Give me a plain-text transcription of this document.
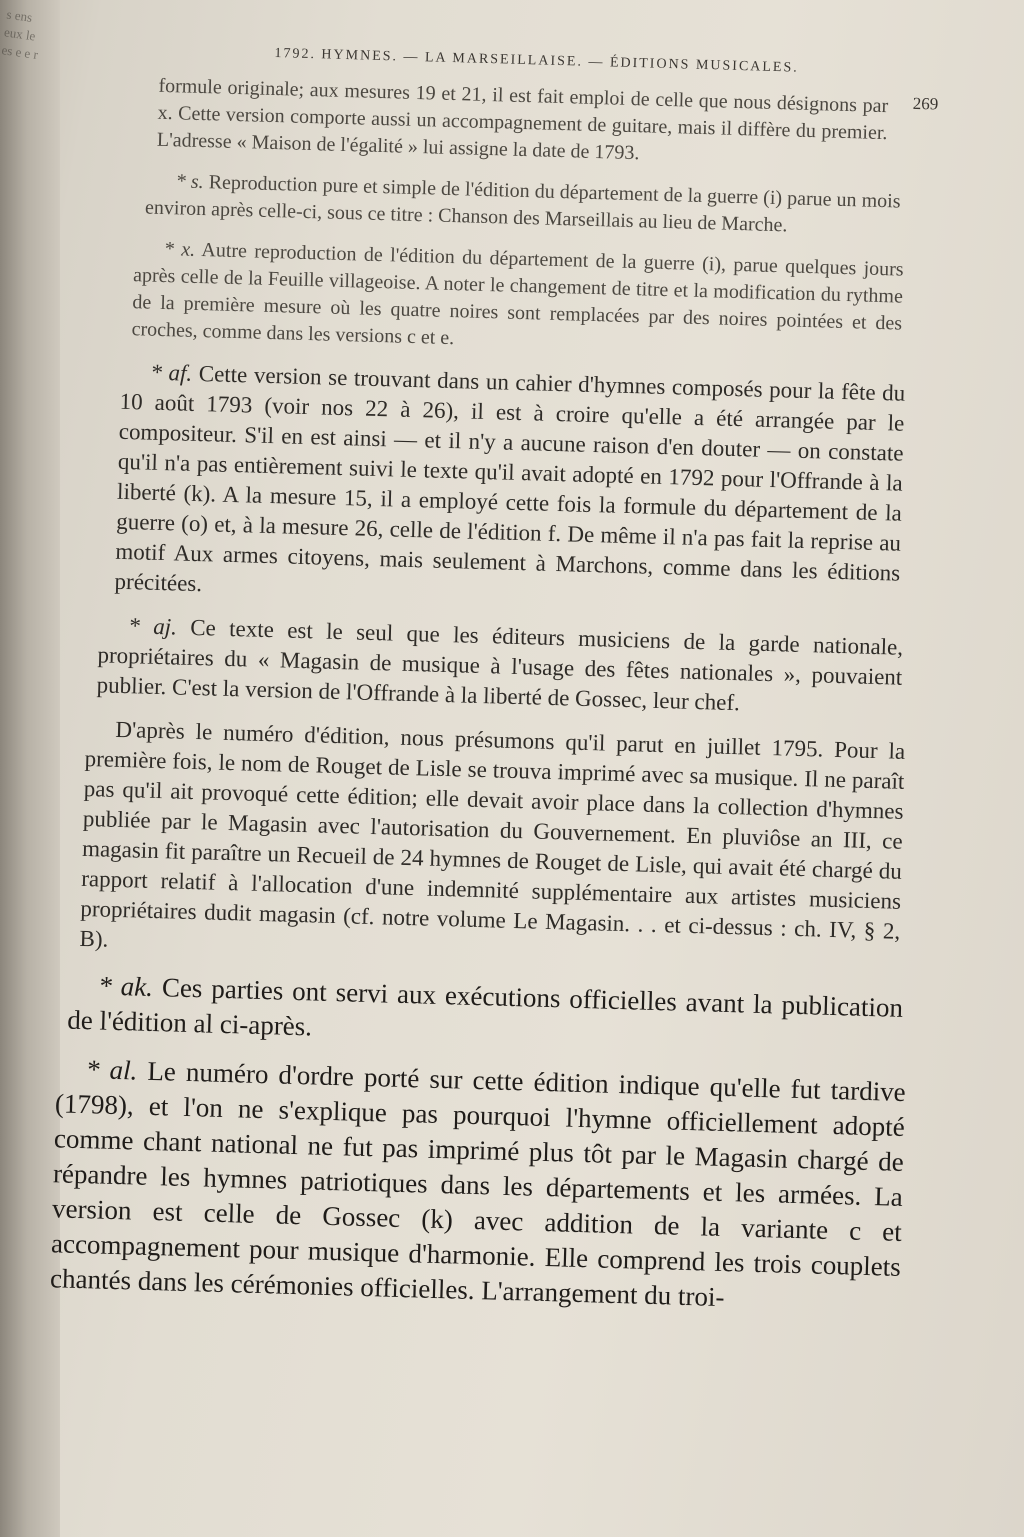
s ens eux le es e e r	1792. HYMNES. — LA MARSEILLAISE. — ÉDITIONS MUSICALES.
269

formule originale; aux mesures 19 et 21, il est fait emploi de celle que nous désignons par x. Cette version comporte aussi un accompagnement de guitare, mais il diffère du premier. L'adresse « Maison de l'égalité » lui assigne la date de 1793.

* s. Reproduction pure et simple de l'édition du département de la guerre (i) parue un mois environ après celle-ci, sous ce titre : Chanson des Marseillais au lieu de Marche.

* x. Autre reproduction de l'édition du département de la guerre (i), parue quelques jours après celle de la Feuille villageoise. A noter le changement de titre et la modification du rythme de la première mesure où les quatre noires sont remplacées par des noires pointées et des croches, comme dans les versions c et e.

* af. Cette version se trouvant dans un cahier d'hymnes composés pour la fête du 10 août 1793 (voir nos 22 à 26), il est à croire qu'elle a été arrangée par le compositeur. S'il en est ainsi — et il n'y a aucune raison d'en douter — on constate qu'il n'a pas entièrement suivi le texte qu'il avait adopté en 1792 pour l'Offrande à la liberté (k). A la mesure 15, il a employé cette fois la formule du département de la guerre (o) et, à la mesure 26, celle de l'édition f. De même il n'a pas fait la reprise au motif Aux armes citoyens, mais seulement à Marchons, comme dans les éditions précitées.

* aj. Ce texte est le seul que les éditeurs musiciens de la garde nationale, propriétaires du « Magasin de musique à l'usage des fêtes nationales », pouvaient publier. C'est la version de l'Offrande à la liberté de Gossec, leur chef.

D'après le numéro d'édition, nous présumons qu'il parut en juillet 1795. Pour la première fois, le nom de Rouget de Lisle se trouva imprimé avec sa musique. Il ne paraît pas qu'il ait provoqué cette édition; elle devait avoir place dans la collection d'hymnes publiée par le Magasin avec l'autorisation du Gouvernement. En pluviôse an III, ce magasin fit paraître un Recueil de 24 hymnes de Rouget de Lisle, qui avait été chargé du rapport relatif à l'allocation d'une indemnité supplémentaire aux artistes musiciens propriétaires dudit magasin (cf. notre volume Le Magasin. . . et ci-dessus : ch. IV, § 2, B).

* ak. Ces parties ont servi aux exécutions officielles avant la publication de l'édition al ci-après.

* al. Le numéro d'ordre porté sur cette édition indique qu'elle fut tardive (1798), et l'on ne s'explique pas pourquoi l'hymne officiellement adopté comme chant national ne fut pas imprimé plus tôt par le Magasin chargé de répandre les hymnes patriotiques dans les départements et les armées. La version est celle de Gossec (k) avec addition de la variante c et accompagnement pour musique d'harmonie. Elle comprend les trois couplets chantés dans les cérémonies officielles. L'arrangement du troi-
